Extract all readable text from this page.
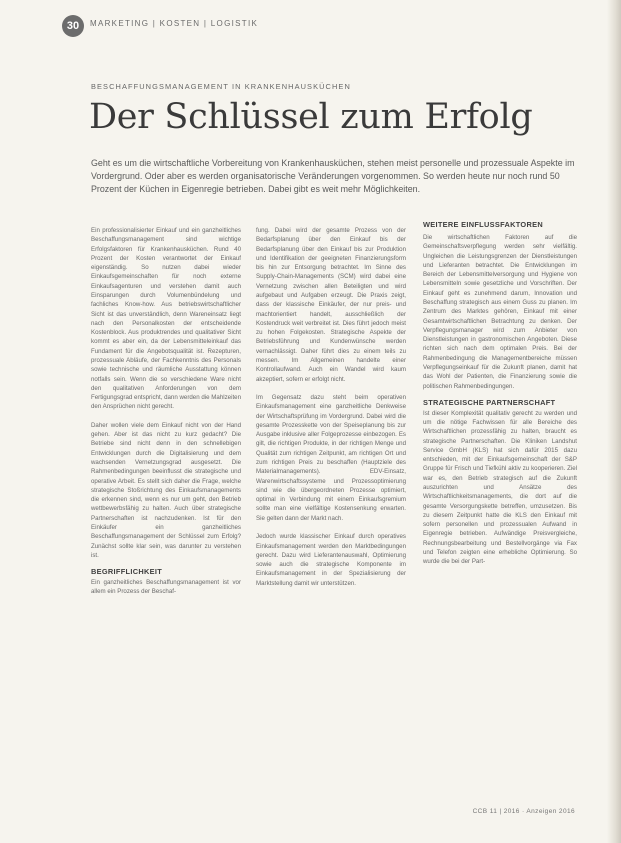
30	MARKETING | KOSTEN | LOGISTIK
BESCHAFFUNGSMANAGEMENT IN KRANKENHAUSKÜCHEN
Der Schlüssel zum Erfolg

Geht es um die wirtschaftliche Vorbereitung von Krankenhausküchen, stehen meist personelle und prozessuale Aspekte im Vordergrund. Oder aber es werden organisatorische Veränderungen vorgenommen. So werden heute nur noch rund 50 Prozent der Küchen in Eigenregie betrieben. Dabei gibt es weit mehr Möglichkeiten.

Ein professionalisierter Einkauf und ein ganzheitliches Beschaffungsmanagement sind wichtige Erfolgsfaktoren für Krankenhausküchen. Rund 40 Prozent der Kosten verantwortet der Einkauf eigenständig. So nutzen dabei wieder Einkaufsgemeinschaften für noch externe Einkaufsagenturen und verstehen damit auch Einsparungen durch Volumenbündelung und fachliches Know-how. Aus betriebswirtschaftlicher Sicht ist das unverständlich, denn Wareneinsatz liegt nach den Personalkosten der entscheidende Kostenblock. Aus produktrendes und qualitativer Sicht kommt es aber ein, da der Lebensmitteleinkauf das Fundament für die Angebotsqualität ist. Rezepturen, prozessuale Abläufe, der Fachkenntnis des Personals sowie technische und räumliche Ausstattung können notfalls sein. Wenn die so verschiedene Ware nicht den qualitativen Anforderungen von dem Fertigungsgrad entspricht, dann werden die Mahlzeiten den Ansprüchen nicht gerecht.

Daher wollen viele dem Einkauf nicht von der Hand gehen. Aber ist das nicht zu kurz gedacht? Die Betriebe sind nicht denn in den schnellebigen Entwicklungen durch die Digitalisierung und dem wachsenden Vernetzungsgrad ausgesetzt. Die Rahmenbedingungen beeinflusst die strategische und operative Arbeit. Es stellt sich daher die Frage, welche strategische Stoßrichtung des Einkaufsmanagements die erkennen sind, wenn es nur um geht, den Betrieb wettbewerbsfähig zu halten. Auch über strategische Partnerschaften ist nachzudenken. Ist für den Einkäufer ein ganzheitliches Beschaffungsmanagement der Schlüssel zum Erfolg? Zunächst sollte klar sein, was darunter zu verstehen ist.

BEGRIFFLICHKEIT

Ein ganzheitliches Beschaffungsmanagement ist vor allem ein Prozess der Beschaf-

fung. Dabei wird der gesamte Prozess von der Bedarfsplanung über den Einkauf bis der Bedarfsplanung über den Einkauf bis zur Produktion und Identifikation der geeigneten Finanzierungsform bis hin zur Entsorgung betrachtet. Im Sinne des Supply-Chain-Managements (SCM) wird dabei eine Vernetzung zwischen allen Beteiligten und wird aufgebaut und Aufgaben erzeugt. Die Praxis zeigt, dass der klassische Einkäufer, der nur preis- und machtorientiert handelt, ausschließlich der Kostendruck weit verbreitet ist. Dies führt jedoch meist zu hohen Folgekosten. Strategische Aspekte der Betriebsführung und Kundenwünsche werden vernachlässigt. Daher führt dies zu einem teils zu messen. Im Allgemeinen handelte einer Kontrollaufwand. Auch ein Wandel wird kaum akzeptiert, sofern er erfolgt nicht.

Im Gegensatz dazu steht beim operativen Einkaufsmanagement eine ganzheitliche Denkweise der Wirtschaftsprüfung im Vordergrund. Dabei wird die gesamte Prozesskette von der Speiseplanung bis zur Ausgabe inklusive aller Folgeprozesse einbezogen. Es gilt, die richtigen Produkte, in der richtigen Menge und Qualität zum richtigen Zeitpunkt, am richtigen Ort und zum richtigen Preis zu beschaffen (Hauptziele des Materialmanagements). EDV-Einsatz, Warenwirtschaftssysteme und Prozessoptimierung sind wie die übergeordneten Prozesse optimiert, optimal in Verbindung mit einem Einkaufsgremium sollte man eine vielfältige Kostensenkung erwarten. Sie gelten dann der Markt nach.

Jedoch wurde klassischer Einkauf durch operatives Einkaufsmanagement werden den Marktbedingungen gerecht. Dazu wird Lieferantenauswahl, Optimierung sowie auch die strategische Komponente im Einkaufsmanagement in der Spezialisierung der Marktstellung damit wir unterstützen.

WEITERE EINFLUSSFAKTOREN

Die wirtschaftlichen Faktoren auf die Gemeinschaftsverpflegung werden sehr vielfältig. Ungleichen die Leistungsgrenzen der Dienstleistungen und Lieferanten betrachtet. Die Entwicklungen im Bereich der Lebensmittelversorgung und Hygiene von Lebensmitteln sowie gesetzliche und Vorschriften. Der Einkauf geht es zunehmend darum, Innovation und Beschaffung strategisch aus einem Guss zu planen. Im Zentrum des Marktes gehören, Einkauf mit einer Gesamtwirtschaftlichen Betrachtung zu denken. Der Verpflegungsmanager wird zum Anbieter von Dienstleistungen in gastronomischen Angeboten. Diese richten sich nach dem optimalen Preis. Bei der Rahmenbedingung die Managementbereiche müssen Verpflegungseinkauf für die Zukunft planen, damit hat das Wohl der Patienten, die Finanzierung sowie die politischen Rahmenbedingungen.

STRATEGISCHE PARTNERSCHAFT

Ist dieser Komplexität qualitativ gerecht zu werden und um die nötige Fachwissen für alle Bereiche des Wirtschaftlichen prozessfähig zu halten, braucht es strategische Partnerschaften. Die Kliniken Landshut Service GmbH (KLS) hat sich dafür 2015 dazu entschieden, mit der Einkaufsgemeinschaft der S&P Gruppe für Frisch und Tiefkühl aktiv zu kooperieren. Ziel war es, den Betrieb strategisch auf die Zukunft auszurichten und Ansätze des Wirtschaftlichkeitsmanagements, die dort auf die gesamte Versorgungskette betreffen, umzusetzen. Bis zu diesem Zeitpunkt hatte die KLS den Einkauf mit sofern personellen und prozessualen Aufwand in Eigenregie betrieben. Aufwändige Preisvergleiche, Rechnungsbearbeitung und Bestellvorgänge via Fax und Telefon zeigten eine erhebliche Optimierung. So wurde die bei der Part-

CCB 11 | 2016 · Anzeigen 2016
